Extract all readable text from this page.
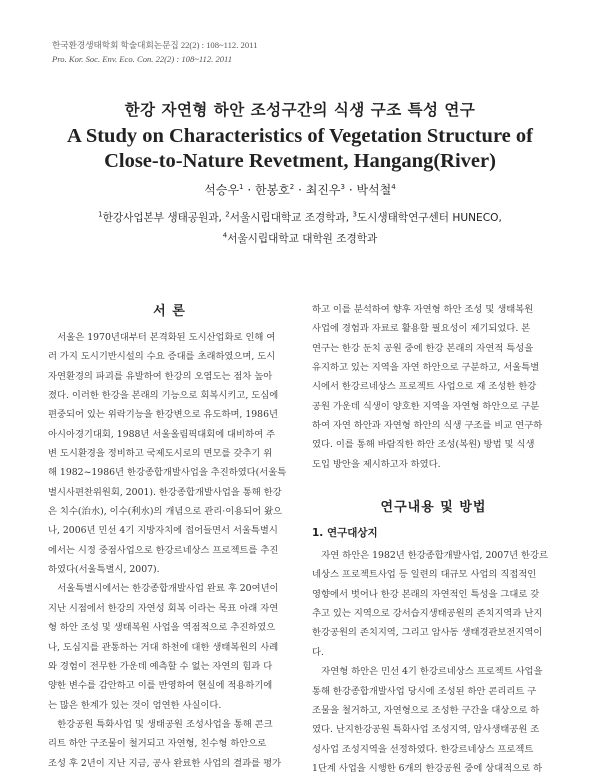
한국환경생태학회 학술대회논문집 22(2) : 108~112. 2011
Pro. Kor. Soc. Env. Eco. Con. 22(2) : 108~112. 2011
한강 자연형 하안 조성구간의 식생 구조 특성 연구
A Study on Characteristics of Vegetation Structure of
Close-to-Nature Revetment, Hangang(River)
석승우$^1$ · 한봉호$^2$ · 최진우$^3$ · 박석철$^4$
$^1$한강사업본부 생태공원과, $^2$서울시립대학교 조경학과, $^3$도시생태학연구센터 HUNECO,
$^4$서울시립대학교 대학원 조경학과
서 론
　서울은 1970년대부터 본격화된 도시산업화로 인해 여
러 가지 도시기반시설의 수요 증대를 초래하였으며, 도시
자연환경의 파괴를 유발하여 한강의 오염도는 점차 높아
졌다. 이러한 한강을 본래의 기능으로 회복시키고, 도심에
편중되어 있는 위락기능을 한강변으로 유도하며, 1986년
아시아경기대회, 1988년 서울올림픽대회에 대비하여 주
변 도시환경을 정비하고 국제도시로의 면모를 갖추기 위
해 1982~1986년 한강종합개발사업을 추진하였다(서울특
별시사편찬위원회, 2001). 한강종합개발사업을 통해 한강
은 치수(治水), 이수(利水)의 개념으로 관리·이용되어 왔으
나, 2006년 민선 4기 지방자치에 접어들면서 서울특별시
에서는 시정 중점사업으로 한강르네상스 프로젝트를 추진
하였다(서울특별시, 2007).
　서울특별시에서는 한강종합개발사업 완료 후 20여년이
지난 시점에서 한강의 자연성 회복 이라는 목표 아래 자연
형 하안 조성 및 생태복원 사업을 역점적으로 추진하였으
나, 도심지를 관통하는 거대 하천에 대한 생태복원의 사례
와 경험이 전무한 가운데 예측할 수 없는 자연의 힘과 다
양한 변수를 감안하고 이를 반영하여 현실에 적용하기에
는 많은 한계가 있는 것이 엄연한 사실이다.
　한강공원 특화사업 및 생태공원 조성사업을 통해 콘크
리트 하안 구조물이 철거되고 자연형, 친수형 하안으로
조성 후 2년이 지난 지금, 공사 완료한 사업의 결과를 평가
하고 이를 분석하여 향후 자연형 하안 조성 및 생태복원
사업에 경험과 자료로 활용할 필요성이 제기되었다. 본
연구는 한강 둔치 공원 중에 한강 본래의 자연적 특성을
유지하고 있는 지역을 자연 하안으로 구분하고, 서울특별
시에서 한강르네상스 프로젝트 사업으로 재 조성한 한강
공원 가운데 식생이 양호한 지역을 자연형 하안으로 구분
하여 자연 하안과 자연형 하안의 식생 구조를 비교 연구하
였다. 이를 통해 바람직한 하안 조성(복원) 방법 및 식생
도입 방안을 제시하고자 하였다.
연구내용 및 방법
1. 연구대상지
　자연 하안은 1982년 한강종합개발사업, 2007년 한강르
네상스 프로젝트사업 등 일련의 대규모 사업의 직접적인
영향에서 벗어나 한강 본래의 자연적인 특성을 그대로 갖
추고 있는 지역으로 강서습지생태공원의 존치지역과 난지
한강공원의 존치지역, 그리고 암사동 생태경관보전지역이
다.
　자연형 하안은 민선 4기 한강르네상스 프로젝트 사업을
통해 한강종합개발사업 당시에 조성된 하안 콘리리트 구
조물을 철거하고, 자연형으로 조성한 구간을 대상으로 하
였다. 난지한강공원 특화사업 조성지역, 암사생태공원 조
성사업 조성지역을 선정하였다. 한강르네상스 프로젝트
1단계 사업을 시행한 6개의 한강공원 중에 상대적으로 하
